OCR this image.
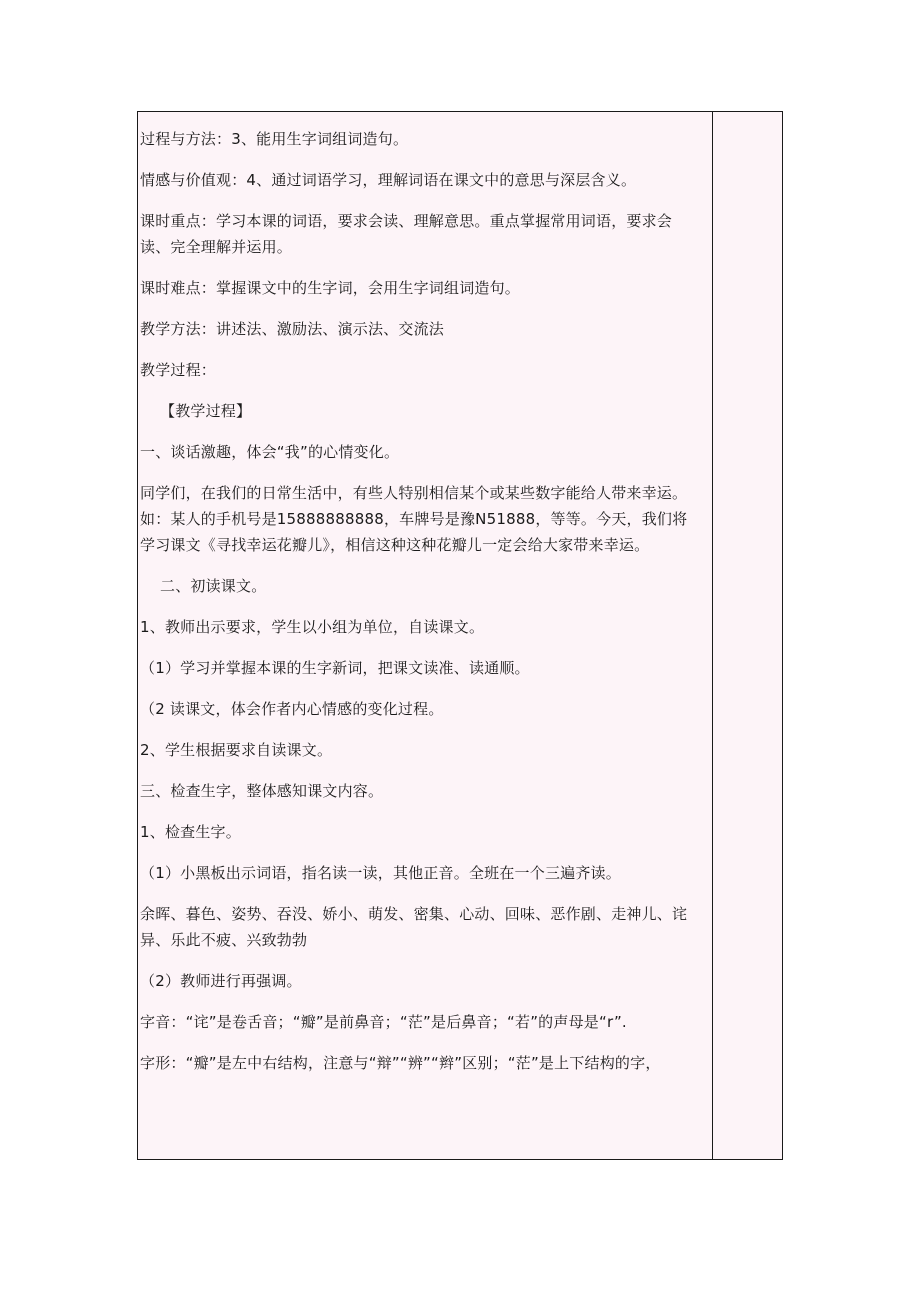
过程与方法：3、能用生字词组词造句。

情感与价值观：4、通过词语学习，理解词语在课文中的意思与深层含义。

课时重点：学习本课的词语，要求会读、理解意思。重点掌握常用词语，要求会读、完全理解并运用。

课时难点：掌握课文中的生字词，会用生字词组词造句。

教学方法：讲述法、激励法、演示法、交流法

教学过程：

【教学过程】

一、谈话激趣，体会“我”的心情变化。

同学们，在我们的日常生活中，有些人特别相信某个或某些数字能给人带来幸运。如：某人的手机号是15888888888，车牌号是豫N51888，等等。今天，我们将学习课文《寻找幸运花瓣儿》，相信这种这种花瓣儿一定会给大家带来幸运。

二、初读课文。

1、教师出示要求，学生以小组为单位，自读课文。

（1）学习并掌握本课的生字新词，把课文读准、读通顺。

（2 读课文，体会作者内心情感的变化过程。

2、学生根据要求自读课文。

三、检查生字，整体感知课文内容。

1、检查生字。

（1）小黑板出示词语，指名读一读，其他正音。全班在一个三遍齐读。

余晖、暮色、姿势、吞没、娇小、萌发、密集、心动、回味、恶作剧、走神儿、诧异、乐此不疲、兴致勃勃

（2）教师进行再强调。

字音：“诧”是卷舌音；“瓣”是前鼻音；“茫”是后鼻音；“若”的声母是“r”.

字形：“瓣”是左中右结构，注意与“辩”“辨”“辫”区别；“茫”是上下结构的字，
